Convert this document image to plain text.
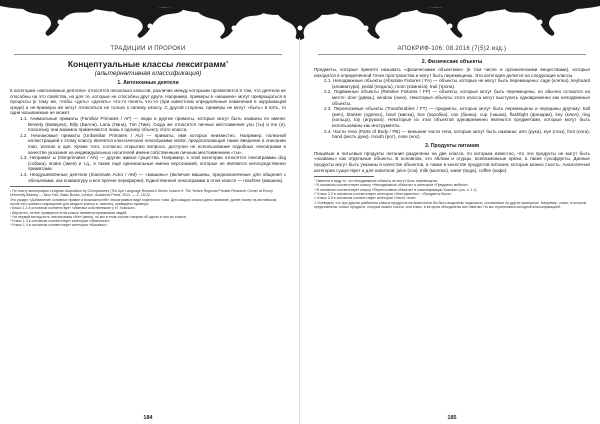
ТРАДИЦИИ И ПРОРОКИ
Концептуальные классы лексиграмм$^1$
(альтернативная классификация)
1. Автономные деятели
К категории «автономные деятели» относятся несколько классов, различие между которыми проявляется в том, что деятели не способны на это свойства, но для те, которые не способны друг друга. Например, примеры в «машине» могут превращаться в процессы (к тому же, чтобы «дать» «делать» что-то понять что-то (при известном определённые изменения в окружающей среде) а не-примеры же могут относиться не только к своему классу. С другой стороны, примеры не могут «быть» в пять, то одни называемые не может.
1.1. Анимальные приматы (Familiar Primates / AF) — люди и другие приматы, которые могут быть названы по имени: Beverly (Беверли), Billy (Билли), Lana (Лана), Tim (Тим). Сюда же относятся личные местоимения you (ты) и me (я), поскольку они взаимно применяются лишь к одному объекту этого класса.
1.2. Незнакомые приматы (Unfamiliar Primates / AU) — приматы, имя которых неизвестно. Например, полезной иллюстрацией к этому классу является классическая лексиграмма visitor, предполагающая также введение в описании man, woman и ape. Кроме того, согласно открытию вопроса, доступно не использование подобных лексиграмм в качестве указания на индивидуальных носителей имени собственным личным местоимением «ты».
1.3. Непримат ы (Nonprimates / AN) — другие живые существа. Например, к этой категории относятся лексиграммы dog (собака), snake (змея) и т.д., в также ещё оригинальные имена персонажей, которые не являются непосредственно приматами.
1.4. Неодушевлённые деятели (Inanimate Actor / AM) — «машины» (включая машины, предназначенные для общения с обезьянами, как клавиатуру и все прочие периферии). Единственная лексиграмма в этом классе — machine (машина).
¹ По тексту монографии Lexigram Acquisition by Chimpanzees (The Ape Language Research Series Volume II: The Yerkes Regional Primate Research Center at Emory University Atlanta) — New York, Basic Books; London, Academic Press, 2014. — C. 18-22.
Это раздел «Добавление основных правил и возможностей» лексиграмм в виде отдельного тома. Для каждого класса даны название, далее номер на английском, после чего указано сокращение для каждого класса и, наконец, приведены примеры.
² Класс 1.1 в основном соответствует «Именам собственным» у Н. Хомского.
³ Вероятно, не все примеры в этом классе являются примерами людей.
⁴ На первый взгляд есть лексиграмма «Ме» (меня), но мы в этом случае говорим об одном и том же классе.
⁵ Класс 1.3 в основном соответствует категории «Животные».
⁶ Класс 1.4 в основном соответствует категории «Машины».
184
АПОКРИФ-106: 08.2016 (7(5)2 изд.)
2. Физические объекты
Предметы, которые принято называть «физическими объектами» (в том числе и органическими веществами), которые находятся в определённой точке пространства и могут быть перемещены. Эта категория делится на следующие классы.
2.1. Неподвижные объекты (Absolute Fixtures / FA) — объекты, которые не могут быть перемещены: cage (клетка), keyboard (клавиатура), pedal (педаль), room (комната), trail (тропа).
2.2. Подвижные объекты (Relative Fixtures / FP) — объекты, которые могут быть перемещены, но обычно остаются на месте: door (дверь), window (окно). Некоторые объекты этого класса могут выступать одновременно как неподвижные объекты.
2.3. Переносимые объекты (Transferables / FT) — предметы, которые могут быть перемещены и переданы другому: ball (мяч), blanket (одеяло), bowl (миска), box (коробка), can (банка), cup (чашка), flashlight (фонарик), key (ключ), ring (кольцо), toy (игрушка). Некоторые из этих объектов одновременно являются предметами, которые могут быть использованы как инструменты.
2.4. Части тела (Parts of Body / PB) — внешние части тела, которые могут быть названы: arm (рука), eye (глаз), foot (нога), hand (кисть руки), mouth (рот), nose (нос).
3. Продукты питания
Пищевые и питьевые продукты питания разделены на две класса, по которым известно, что эти продукты не могут быть «названы» как отдельные объекты. В основном, это яблоки и огурцы, всевозможные орехи, а также сухофрукты. Данные продукты могут быть указаны в качестве объектов, а также в качестве продуктов питания, которые можно съесть. Аналогичная категория существует и для напитков: juice (сок), milk (молоко), water (вода), coffee (кофе).
⁷ Имеется в виду то, что неподвижные объекты не могут быть перемещены.
⁸ В основном соответствует классу «Неподвижные объекты» и категории «Предметы мебели».
⁹ В основном соответствует классу «Переносимые объекты» в классификации Хомского (см. п. 1.1).
¹⁰ Класс 2.3 в основном соответствует категории «Инструменты», «Предметы быта».
¹¹ Класс 2.4 в основном соответствует категории «Части тела».
¹² Очевидно, что при другом разбиении класса продуктов питания могли бы быть выделены подклассы, основанные на других принципах. Например, класс, в котором представлены только продукты, которые можно съесть, или класс, в котором объединены все напитки. Но мы ограничимся исходной классификацией.
185
